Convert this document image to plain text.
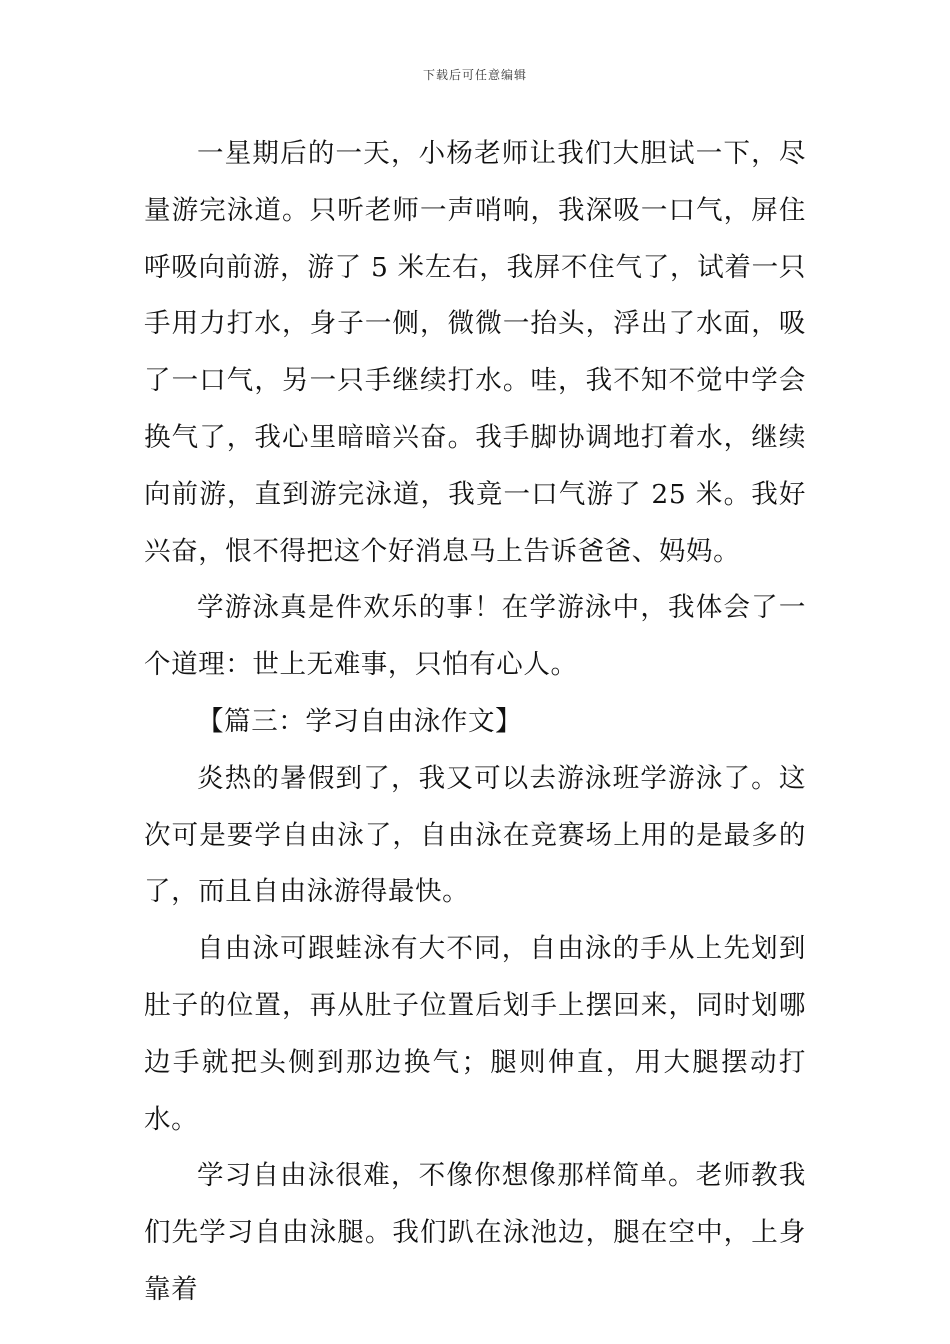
下载后可任意编辑

一星期后的一天，小杨老师让我们大胆试一下，尽量游完泳道。只听老师一声哨响，我深吸一口气，屏住呼吸向前游，游了 5 米左右，我屏不住气了，试着一只手用力打水，身子一侧，微微一抬头，浮出了水面，吸了一口气，另一只手继续打水。哇，我不知不觉中学会换气了，我心里暗暗兴奋。我手脚协调地打着水，继续向前游，直到游完泳道，我竟一口气游了 25 米。我好兴奋，恨不得把这个好消息马上告诉爸爸、妈妈。

学游泳真是件欢乐的事！在学游泳中，我体会了一个道理：世上无难事，只怕有心人。

【篇三：学习自由泳作文】

炎热的暑假到了，我又可以去游泳班学游泳了。这次可是要学自由泳了，自由泳在竞赛场上用的是最多的了，而且自由泳游得最快。

自由泳可跟蛙泳有大不同，自由泳的手从上先划到肚子的位置，再从肚子位置后划手上摆回来，同时划哪边手就把头侧到那边换气；腿则伸直，用大腿摆动打水。

学习自由泳很难，不像你想像那样简单。老师教我们先学习自由泳腿。我们趴在泳池边，腿在空中，上身靠着
